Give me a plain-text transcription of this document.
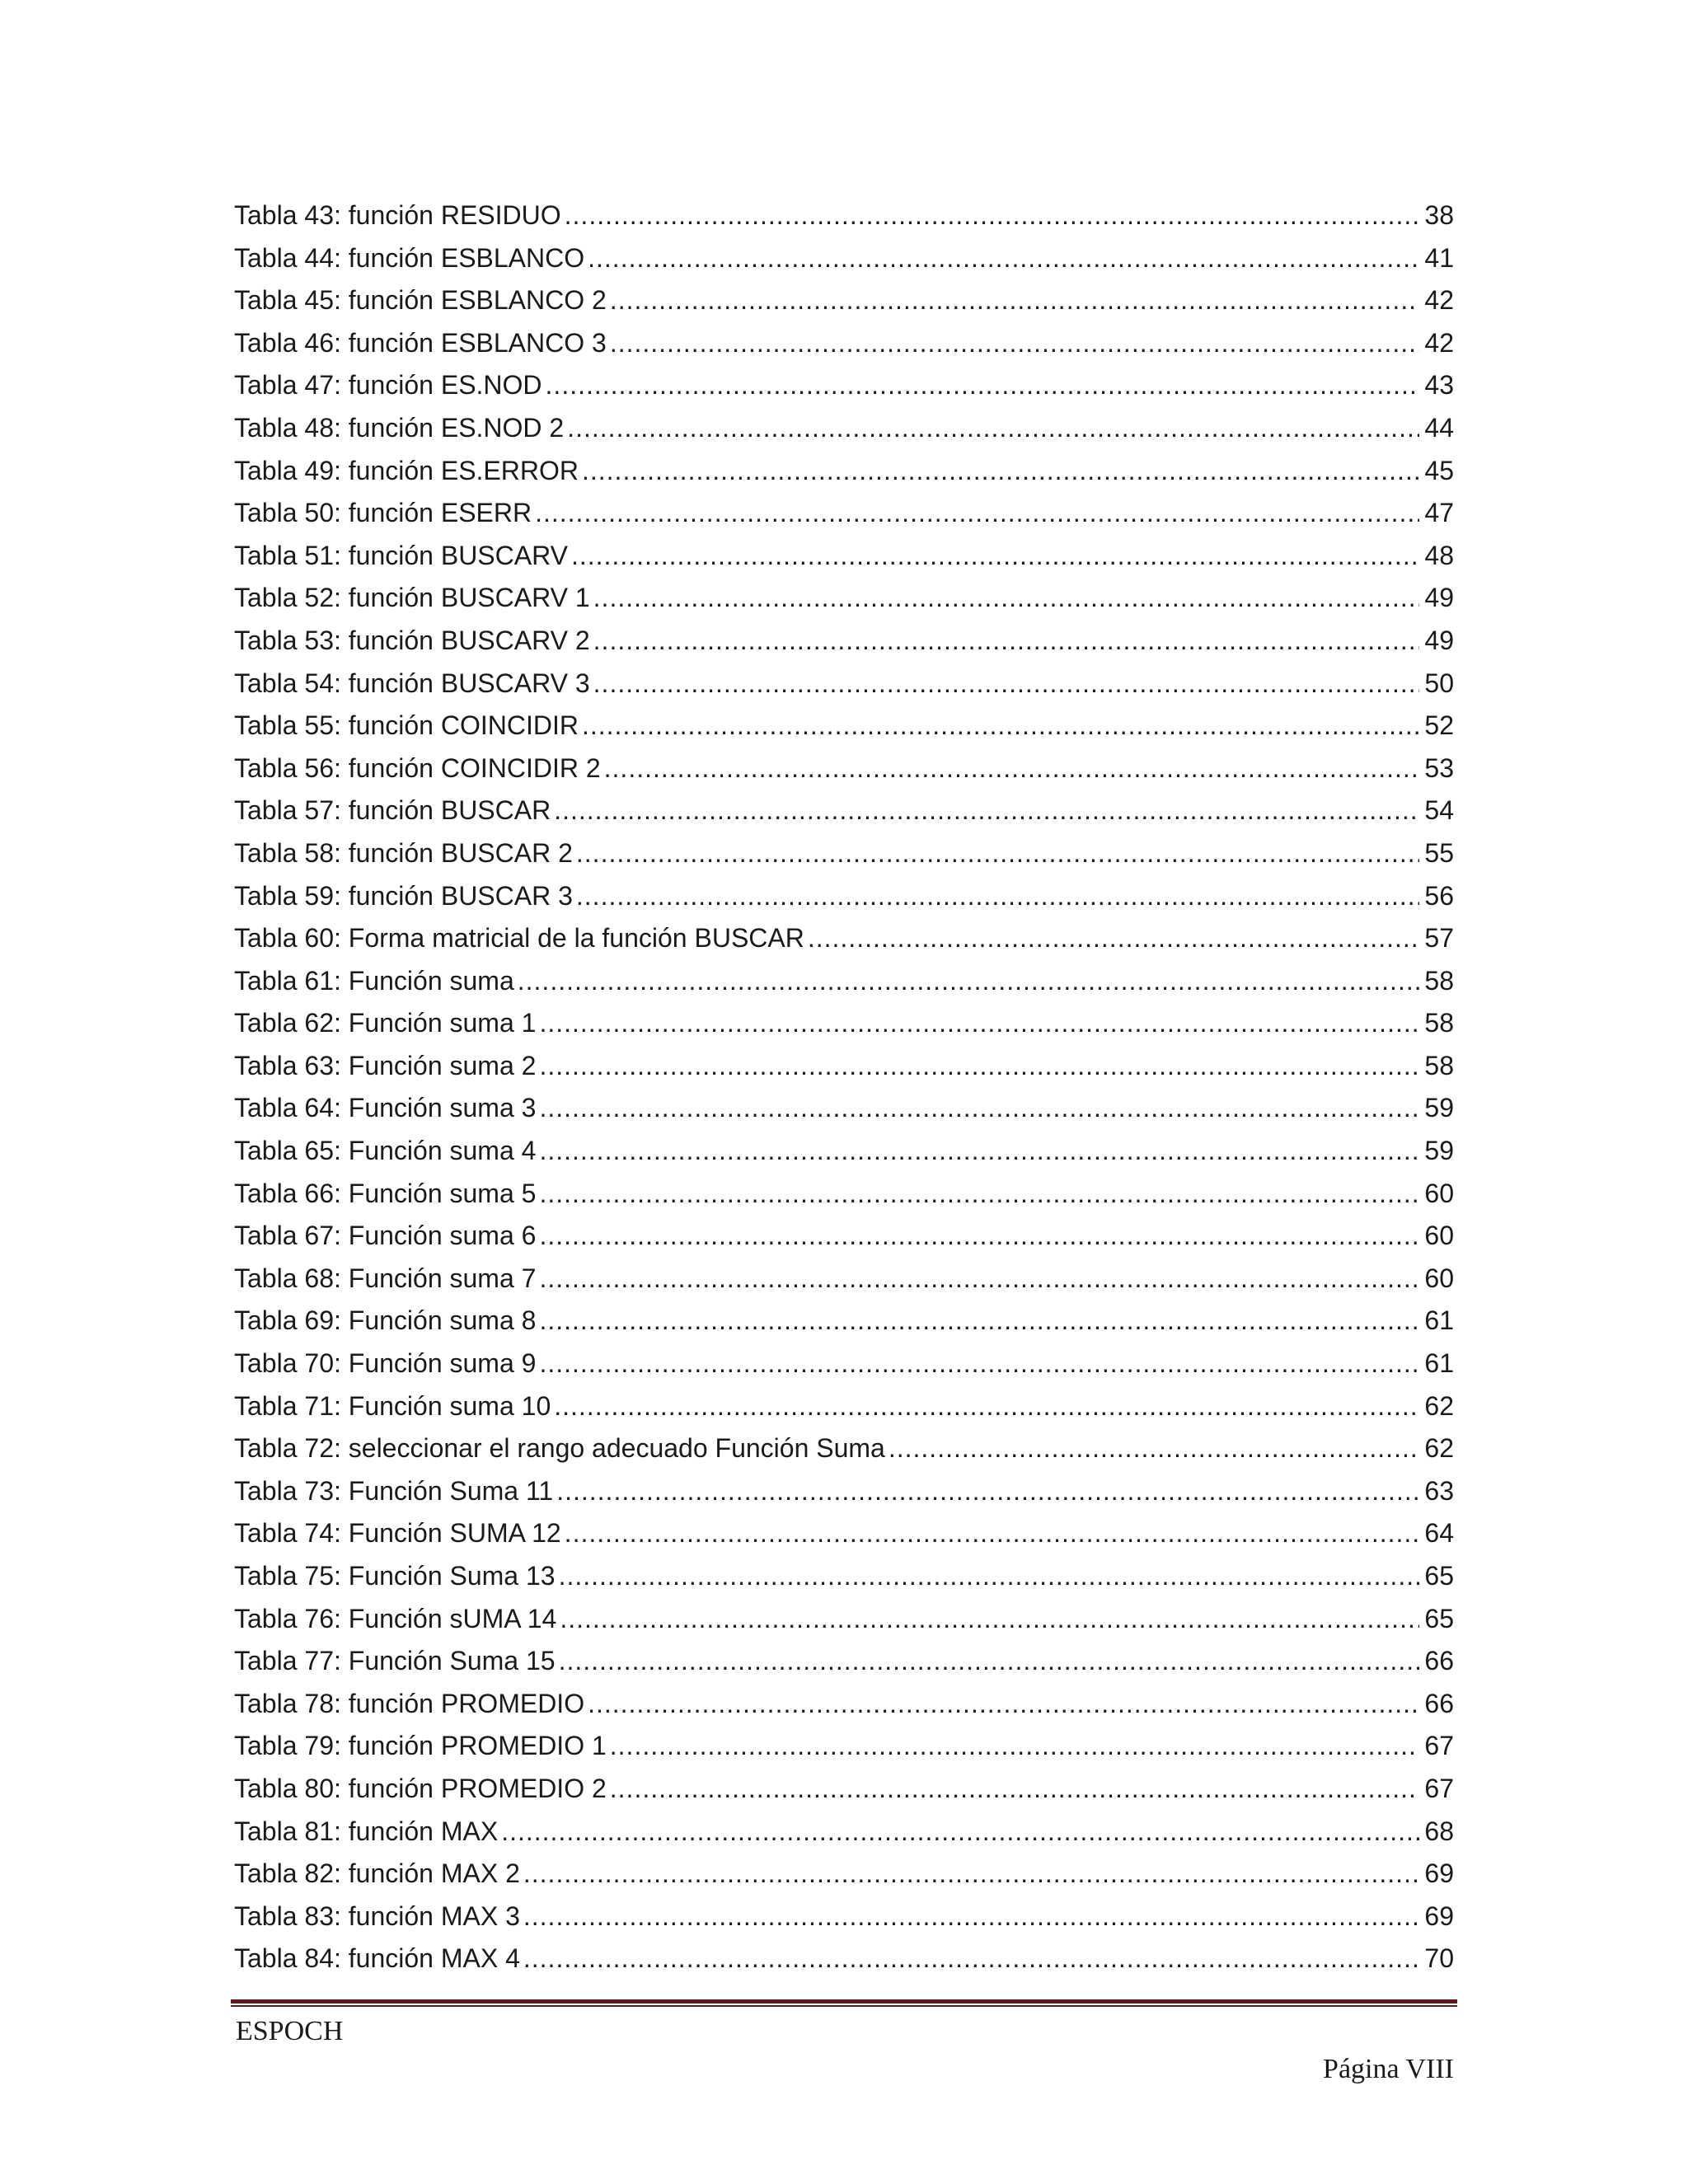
Tabla 43: función RESIDUO .....	38
Tabla 44: función ESBLANCO .....	41
Tabla 45: función ESBLANCO 2 .....	42
Tabla 46: función ESBLANCO 3 .....	42
Tabla 47: función ES.NOD .....	43
Tabla 48: función ES.NOD 2 .....	44
Tabla 49: función ES.ERROR .....	45
Tabla 50: función ESERR .....	47
Tabla 51: función BUSCARV .....	48
Tabla 52: función BUSCARV 1 .....	49
Tabla 53: función BUSCARV 2 .....	49
Tabla 54: función BUSCARV 3 .....	50
Tabla 55: función COINCIDIR .....	52
Tabla 56: función COINCIDIR 2 .....	53
Tabla 57: función BUSCAR .....	54
Tabla 58: función BUSCAR 2 .....	55
Tabla 59: función BUSCAR 3 .....	56
Tabla 60: Forma matricial de la función BUSCAR .....	57
Tabla 61: Función suma .....	58
Tabla 62: Función suma 1 .....	58
Tabla 63: Función suma 2 .....	58
Tabla 64: Función suma 3 .....	59
Tabla 65: Función suma 4 .....	59
Tabla 66: Función suma 5 .....	60
Tabla 67: Función suma 6 .....	60
Tabla 68: Función suma 7 .....	60
Tabla 69: Función suma 8 .....	61
Tabla 70: Función suma 9 .....	61
Tabla 71: Función suma 10 .....	62
Tabla 72: seleccionar el rango adecuado Función Suma .....	62
Tabla 73: Función Suma 11 .....	63
Tabla 74: Función SUMA 12 .....	64
Tabla 75: Función Suma 13 .....	65
Tabla 76: Función sUMA 14 .....	65
Tabla 77: Función Suma 15 .....	66
Tabla 78: función PROMEDIO .....	66
Tabla 79: función PROMEDIO 1 .....	67
Tabla 80: función PROMEDIO 2 .....	67
Tabla 81: función MAX .....	68
Tabla 82: función MAX 2 .....	69
Tabla 83: función MAX 3 .....	69
Tabla 84: función MAX 4 .....	70
ESPOCH
Página VIII
